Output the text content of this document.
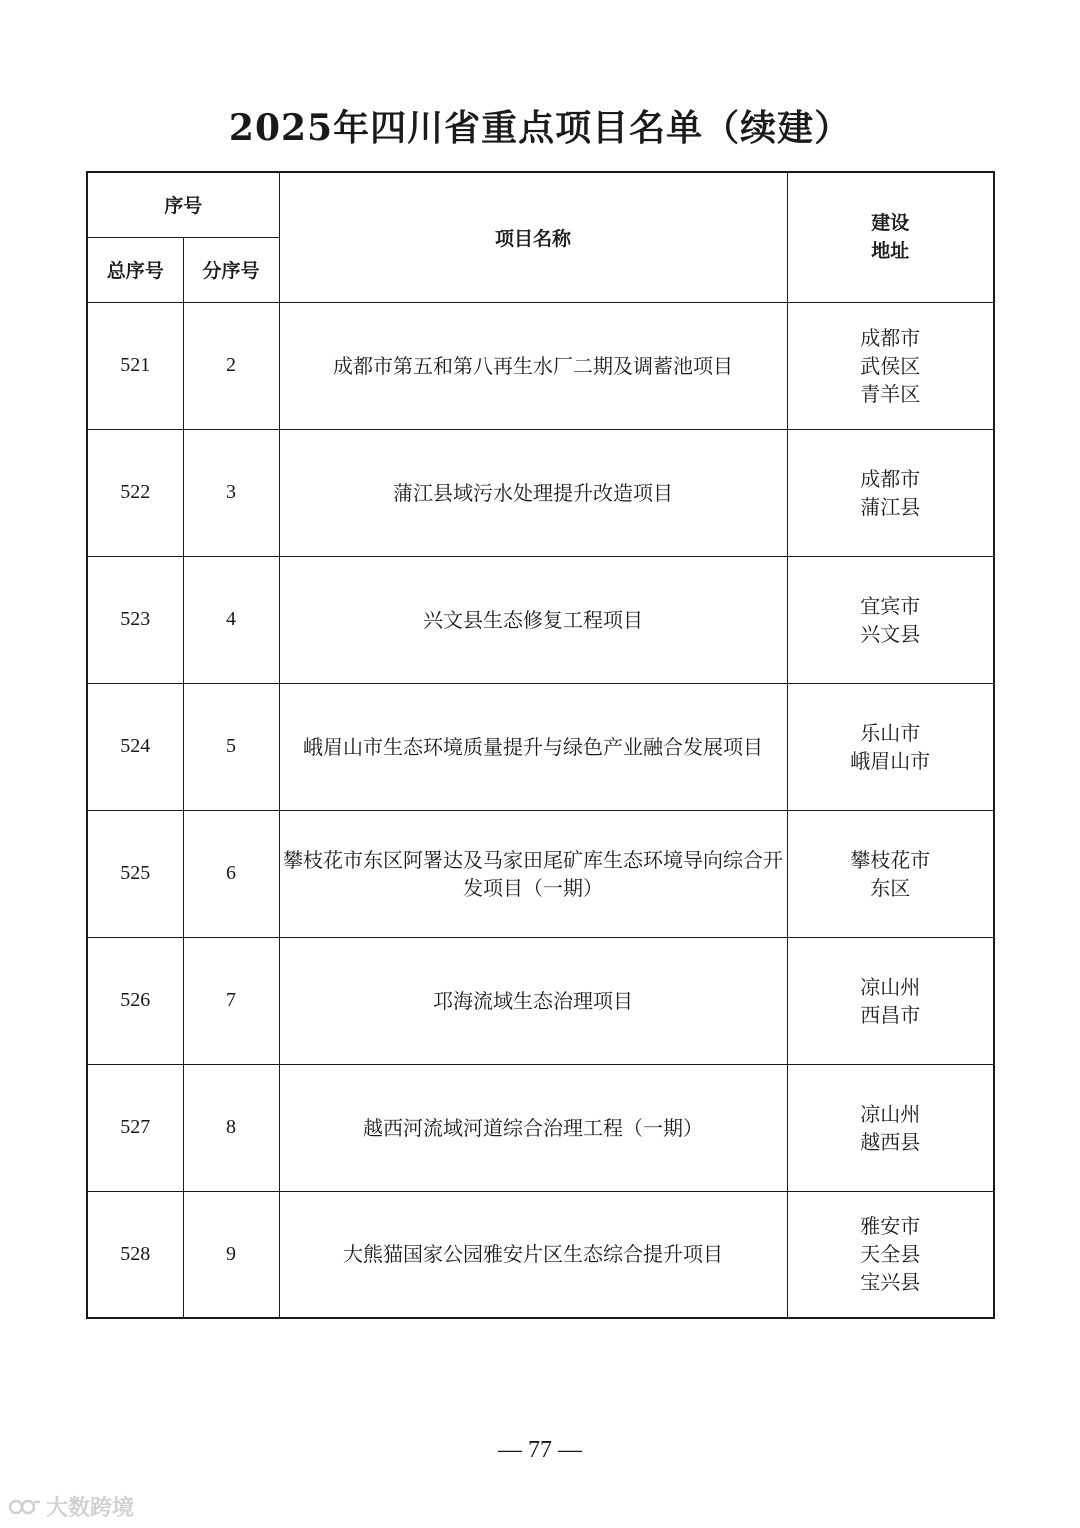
2025年四川省重点项目名单（续建）
序号		项目名称	建设地址
总序号	分序号		
521	2	成都市第五和第八再生水厂二期及调蓄池项目	成都市
武侯区
青羊区

522	3	蒲江县域污水处理提升改造项目	成都市
蒲江县

523	4	兴文县生态修复工程项目	宜宾市
兴文县

524	5	峨眉山市生态环境质量提升与绿色产业融合发展项目	乐山市
峨眉山市

525	6	攀枝花市东区阿署达及马家田尾矿库生态环境导向综合开发项目（一期）	攀枝花市
东区

526	7	邛海流域生态治理项目	凉山州
西昌市

527	8	越西河流域河道综合治理工程（一期）	凉山州
越西县

528	9	大熊猫国家公园雅安片区生态综合提升项目	雅安市
天全县
宝兴县
— 77 —
大数跨境
